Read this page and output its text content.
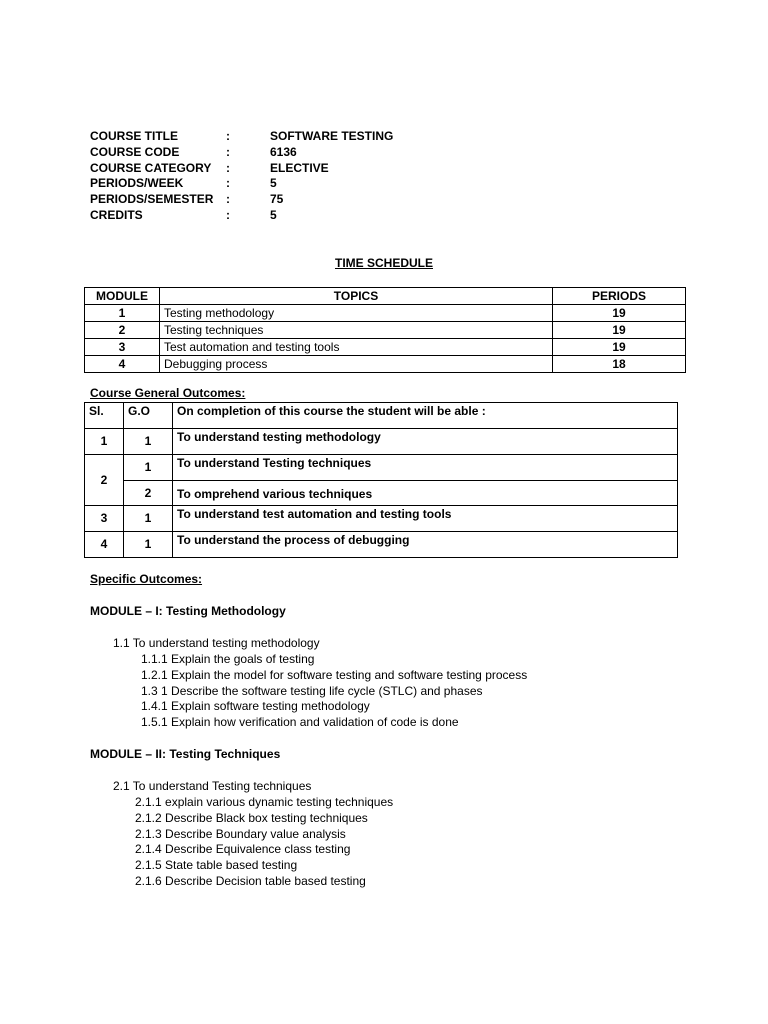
COURSE TITLE	:	SOFTWARE TESTING
COURSE CODE	:	6136
COURSE CATEGORY :	ELECTIVE
PERIODS/WEEK	:	5
PERIODS/SEMESTER :	75
CREDITS	:	5
TIME SCHEDULE
MODULE	TOPICS	PERIODS
1	Testing methodology	19
2	Testing techniques	19
3	Test automation and testing tools	19
4	Debugging process	18
Course General Outcomes:
Sl.	G.O	On completion of this course the student will be able :
1	1	To understand testing methodology
2	1	To understand Testing techniques
	2	To omprehend various techniques
3	1	To understand test automation and testing tools
4	1	To understand the process of debugging
Specific Outcomes:
MODULE – I: Testing Methodology
1.1 To understand testing methodology
1.1.1 Explain the goals of testing
1.2.1 Explain the model for software testing and software testing process
1.3 1 Describe the software testing life cycle (STLC) and phases
1.4.1 Explain software testing methodology
1.5.1 Explain how verification and validation of code is done
MODULE – II: Testing Techniques
2.1 To understand Testing techniques
2.1.1 explain various dynamic testing techniques
2.1.2 Describe Black box testing techniques
2.1.3 Describe Boundary value analysis
2.1.4 Describe Equivalence class testing
2.1.5 State table based testing
2.1.6 Describe Decision table based testing
